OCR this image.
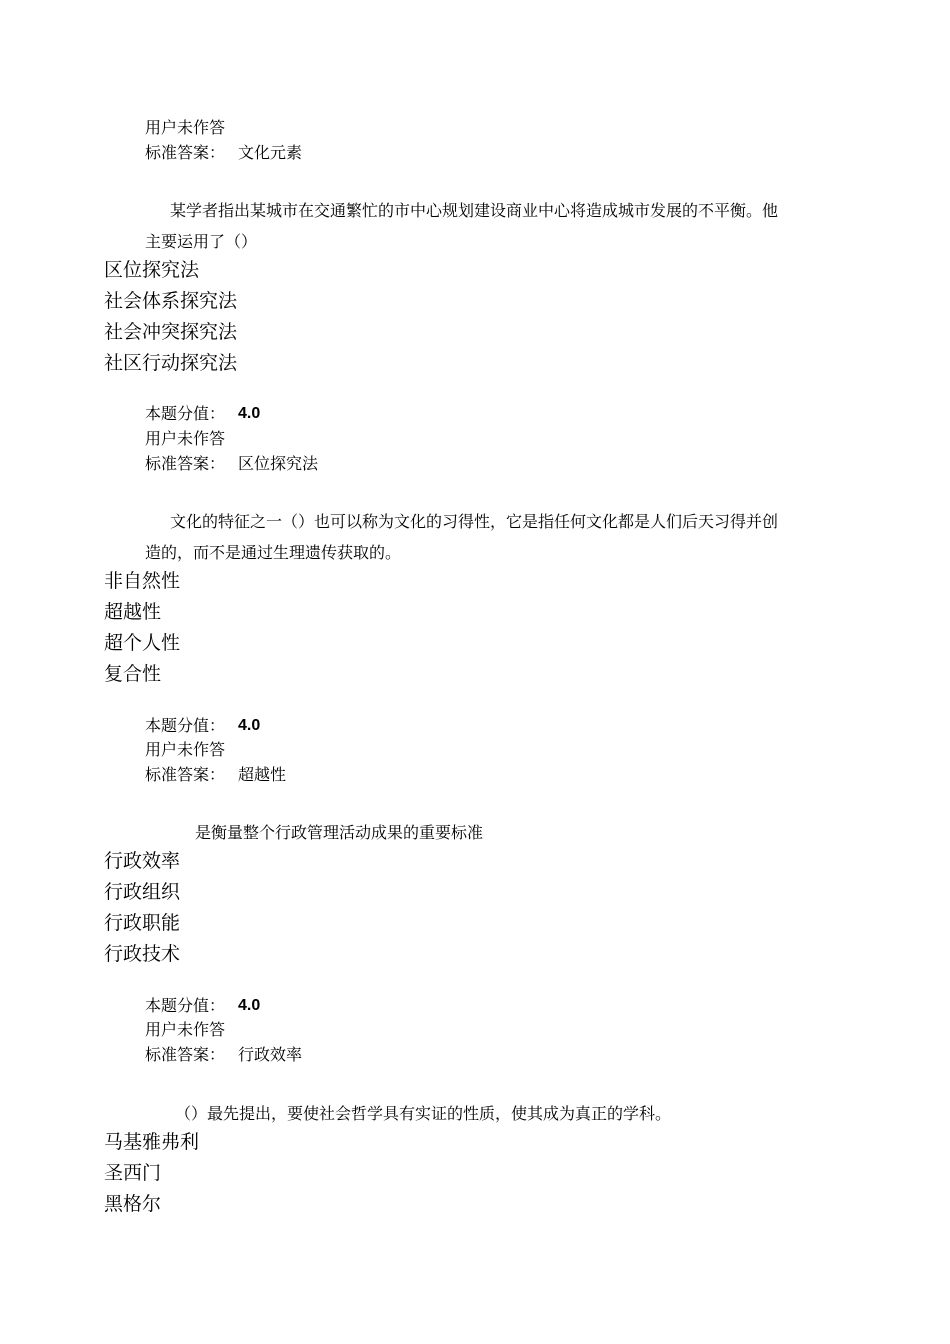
用户未作答
标准答案： 文化元素
某学者指出某城市在交通繁忙的市中心规划建设商业中心将造成城市发展的不平衡。他
主要运用了（）
区位探究法
社会体系探究法
社会冲突探究法
社区行动探究法
本题分值： 4.0
用户未作答
标准答案： 区位探究法
文化的特征之一（）也可以称为文化的习得性，它是指任何文化都是人们后天习得并创
造的，而不是通过生理遗传获取的。
非自然性
超越性
超个人性
复合性
本题分值： 4.0
用户未作答
标准答案： 超越性
是衡量整个行政管理活动成果的重要标准
行政效率
行政组织
行政职能
行政技术
本题分值： 4.0
用户未作答
标准答案： 行政效率
（）最先提出，要使社会哲学具有实证的性质，使其成为真正的学科。
马基雅弗利
圣西门
黑格尔
